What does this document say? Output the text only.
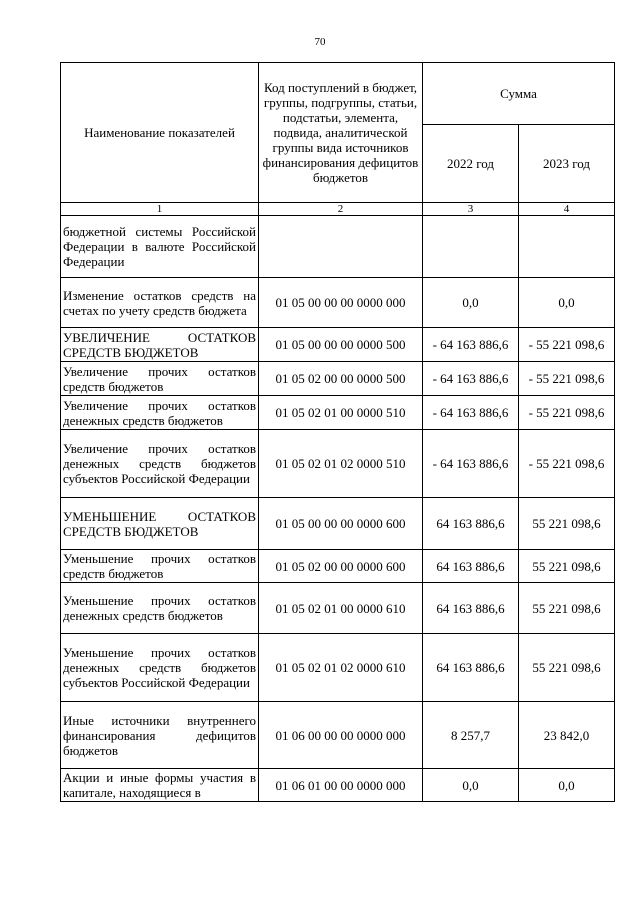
70
Наименование показателей	Код поступлений в бюджет, группы, подгруппы, статьи, подстатьи, элемента, подвида, аналитической группы вида источников финансирования дефицитов бюджетов	Сумма	
		2022 год	2023 год
1	2	3	4
бюджетной системы Российской Федерации в валюте Российской Федерации			
Изменение остатков средств на счетах по учету средств бюджета	01 05 00 00 00 0000 000	0,0	0,0
УВЕЛИЧЕНИЕ ОСТАТКОВ СРЕДСТВ БЮДЖЕТОВ	01 05 00 00 00 0000 500	- 64 163 886,6	- 55 221 098,6
Увеличение прочих остатков средств бюджетов	01 05 02 00 00 0000 500	- 64 163 886,6	- 55 221 098,6
Увеличение прочих остатков денежных средств бюджетов	01 05 02 01 00 0000 510	- 64 163 886,6	- 55 221 098,6
Увеличение прочих остатков денежных средств бюджетов субъектов Российской Федерации	01 05 02 01 02 0000 510	- 64 163 886,6	- 55 221 098,6
УМЕНЬШЕНИЕ ОСТАТКОВ СРЕДСТВ БЮДЖЕТОВ	01 05 00 00 00 0000 600	64 163 886,6	55 221 098,6
Уменьшение прочих остатков средств бюджетов	01 05 02 00 00 0000 600	64 163 886,6	55 221 098,6
Уменьшение прочих остатков денежных средств бюджетов	01 05 02 01 00 0000 610	64 163 886,6	55 221 098,6
Уменьшение прочих остатков денежных средств бюджетов субъектов Российской Федерации	01 05 02 01 02 0000 610	64 163 886,6	55 221 098,6
Иные источники внутреннего финансирования дефицитов бюджетов	01 06 00 00 00 0000 000	8 257,7	23 842,0
Акции и иные формы участия в капитале, находящиеся в	01 06 01 00 00 0000 000	0,0	0,0
